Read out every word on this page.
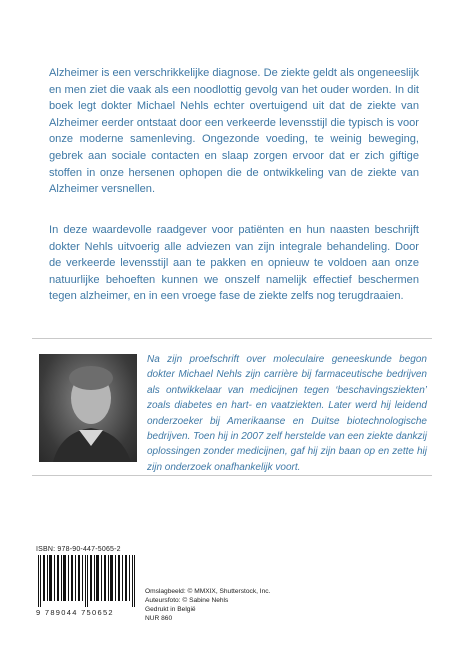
Alzheimer is een verschrikkelijke diagnose. De ziekte geldt als ongeneeslijk en men ziet die vaak als een noodlottig gevolg van het ouder worden. In dit boek legt dokter Michael Nehls echter overtuigend uit dat de ziekte van Alzheimer eerder ontstaat door een verkeerde levensstijl die typisch is voor onze moderne samenleving. Ongezonde voeding, te weinig beweging, gebrek aan sociale contacten en slaap zorgen ervoor dat er zich giftige stoffen in onze hersenen ophopen die de ontwikkeling van de ziekte van Alzheimer versnellen.

In deze waardevolle raadgever voor patiënten en hun naasten beschrijft dokter Nehls uitvoerig alle adviezen van zijn integrale behandeling. Door de verkeerde levensstijl aan te pakken en opnieuw te voldoen aan onze natuurlijke behoeften kunnen we onszelf namelijk effectief beschermen tegen alzheimer, en in een vroege fase de ziekte zelfs nog terugdraaien.

Na zijn proefschrift over moleculaire geneeskunde begon dokter Michael Nehls zijn carrière bij farmaceutische bedrijven als ontwikkelaar van medicijnen tegen ‘beschavingsziekten’ zoals diabetes en hart- en vaatziekten. Later werd hij leidend onderzoeker bij Amerikaanse en Duitse biotechnologische bedrijven. Toen hij in 2007 zelf herstelde van een ziekte dankzij oplossingen zonder medicijnen, gaf hij zijn baan op en zette hij zijn onderzoek onafhankelijk voort.

ISBN: 978-90-447-5065-2
9 789044 750652
Omslagbeeld: © MMXIX, Shutterstock, Inc.
Auteursfoto: © Sabine Nehls
Gedrukt in België
NUR 860
